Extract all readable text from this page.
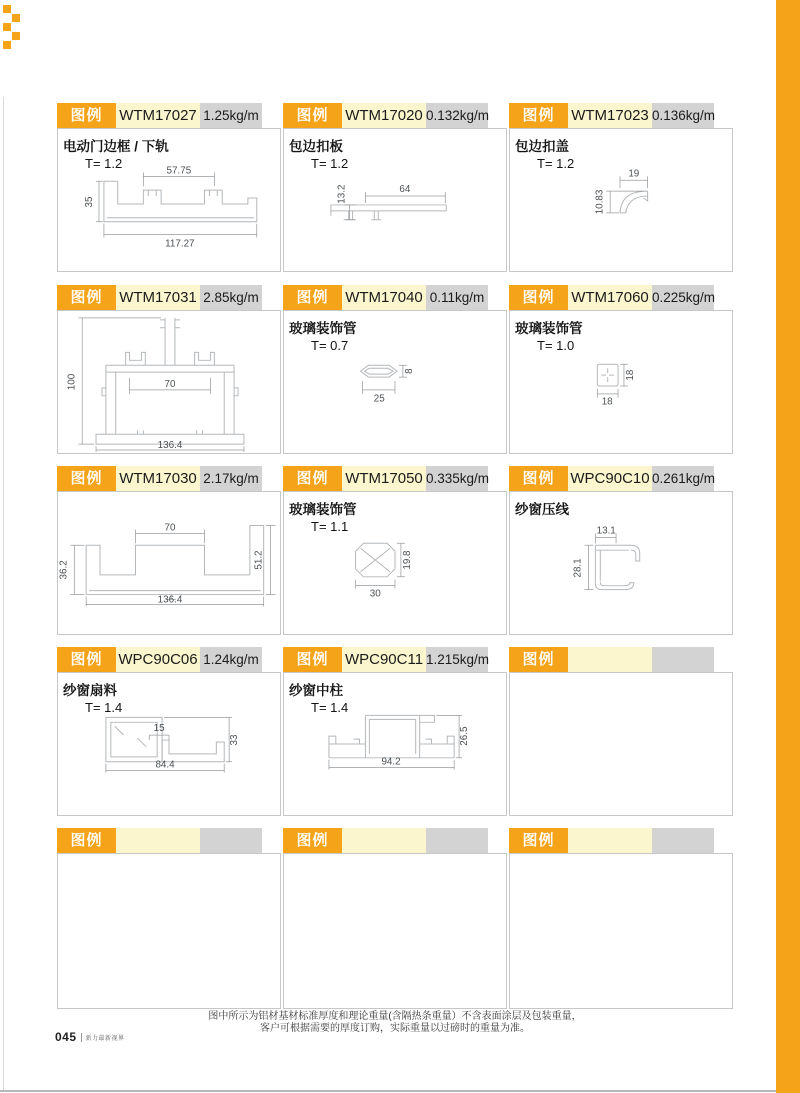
图例	WTM17027 1.25kg/m
电动门边框 / 下轨
T= 1.2	57.75
35
117.27
图例	WTM17020 0.132kg/m
包边扣板
T= 1.2
64
13.2
图例	WTM17023 0.136kg/m
包边扣盖
T= 1.2
19
10.83
图例	WTM17031 2.85kg/m
100	70
136.4
图例	WTM17040 0.11kg/m
玻璃装饰管
T= 0.7
8
25
图例	WTM17060 0.225kg/m
玻璃装饰管
T= 1.0
18
18
图例	WTM17030 2.17kg/m
70
36.2
51.2
136.4
图例	WTM17050 0.335kg/m
玻璃装饰管
T= 1.1
19.8
30
图例	WPC90C10 0.261kg/m
纱窗压线
13.1
28.1
图例	WPC90C06 1.24kg/m
纱窗扇料
T= 1.4
15
33
84.4
图例	WPC90C11 1.215kg/m
纱窗中柱
T= 1.4
26.5
94.2
图例
图例	图例	图例
图中所示为铝材基材标准厚度和理论重量(含隔热条重量）不含表面涂层及包装重量，
客户可根据需要的厚度订购，实际重量以过磅时的重量为准。
045 新力最新视界
